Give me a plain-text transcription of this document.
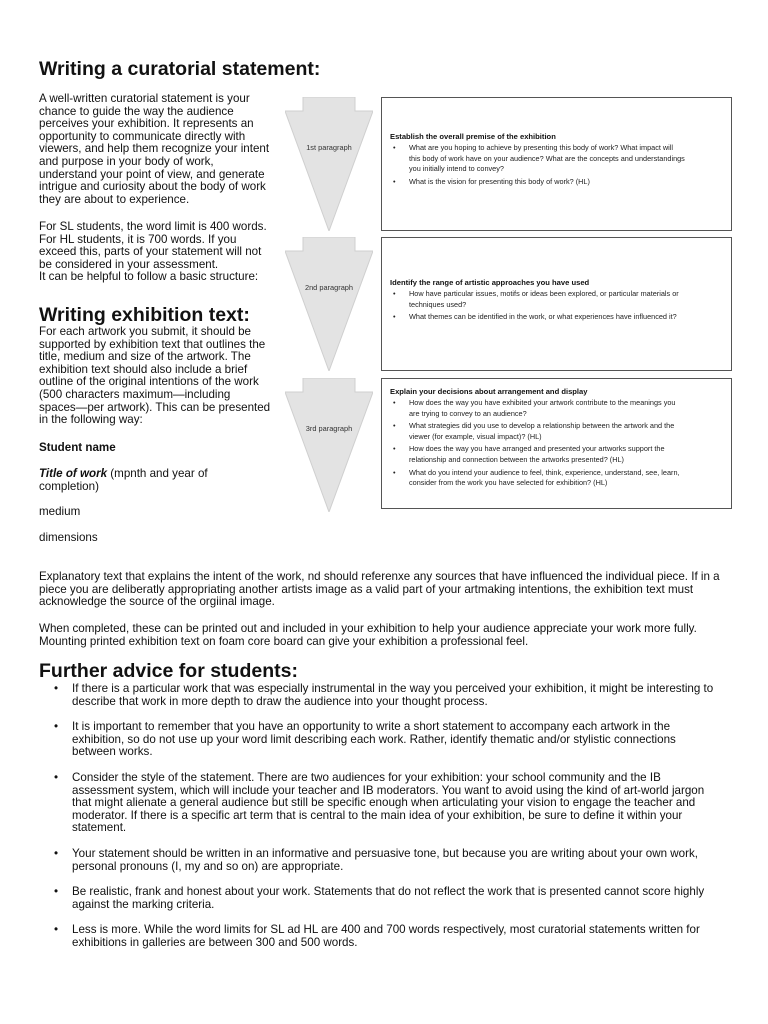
Writing a curatorial statement:
A well-written curatorial statement is your
chance to guide the way the audience
perceives your exhibition. It represents an
opportunity to communicate directly with
viewers, and help them recognize your intent
and purpose in your body of work,
understand your point of view, and generate
intrigue and curiosity about the body of work
they are about to experience.
For SL students, the word limit is 400 words.
For HL students, it is 700 words. If you
exceed this, parts of your statement will not
be considered in your assessment.
It can be helpful to follow a basic structure:
Writing exhibition text:
For each artwork you submit, it should be
supported by exhibition text that outlines the
title, medium and size of the artwork. The
exhibition text should also include a brief
outline of the original intentions of the work
(500 characters maximum—including
spaces—per artwork). This can be presented
in the following way:
Student name
Title of work (mpnth and year of
completion)
medium
dimensions
1st paragraph
2nd paragraph
3rd paragraph
Establish the overall premise of the exhibition
• What are you hoping to achieve by presenting this body of work? What impact will
this body of work have on your audience? What are the concepts and understandings
you initially intend to convey?
• What is the vision for presenting this body of work? (HL)
Identify the range of artistic approaches you have used
• How have particular issues, motifs or ideas been explored, or particular materials or
techniques used?
• What themes can be identified in the work, or what experiences have influenced it?
Explain your decisions about arrangement and display
• How does the way you have exhibited your artwork contribute to the meanings you
are trying to convey to an audience?
• What strategies did you use to develop a relationship between the artwork and the
viewer (for example, visual impact)? (HL)
• How does the way you have arranged and presented your artworks support the
relationship and connection between the artworks presented? (HL)
• What do you intend your audience to feel, think, experience, understand, see, learn,
consider from the work you have selected for exhibition? (HL)
Explanatory text that explains the intent of the work, nd should referenxe any sources that have influenced the individual piece. If in a
piece you are deliberatly appropriating another artists image as a valid part of your artmaking intentions, the exhibition text must
acknowledge the source of the orgiinal image.
When completed, these can be printed out and included in your exhibition to help your audience appreciate your work more fully.
Mounting printed exhibition text on foam core board can give your exhibition a professional feel.
Further advice for students:
• If there is a particular work that was especially instrumental in the way you perceived your exhibition, it might be interesting to
describe that work in more depth to draw the audience into your thought process.
• It is important to remember that you have an opportunity to write a short statement to accompany each artwork in the
exhibition, so do not use up your word limit describing each work. Rather, identify thematic and/or stylistic connections
between works.
• Consider the style of the statement. There are two audiences for your exhibition: your school community and the IB
assessment system, which will include your teacher and IB moderators. You want to avoid using the kind of art-world jargon
that might alienate a general audience but still be specific enough when articulating your vision to engage the teacher and
moderator. If there is a specific art term that is central to the main idea of your exhibition, be sure to define it within your
statement.
• Your statement should be written in an informative and persuasive tone, but because you are writing about your own work,
personal pronouns (I, my and so on) are appropriate.
• Be realistic, frank and honest about your work. Statements that do not reflect the work that is presented cannot score highly
against the marking criteria.
• Less is more. While the word limits for SL ad HL are 400 and 700 words respectively, most curatorial statements written for
exhibitions in galleries are between 300 and 500 words.
